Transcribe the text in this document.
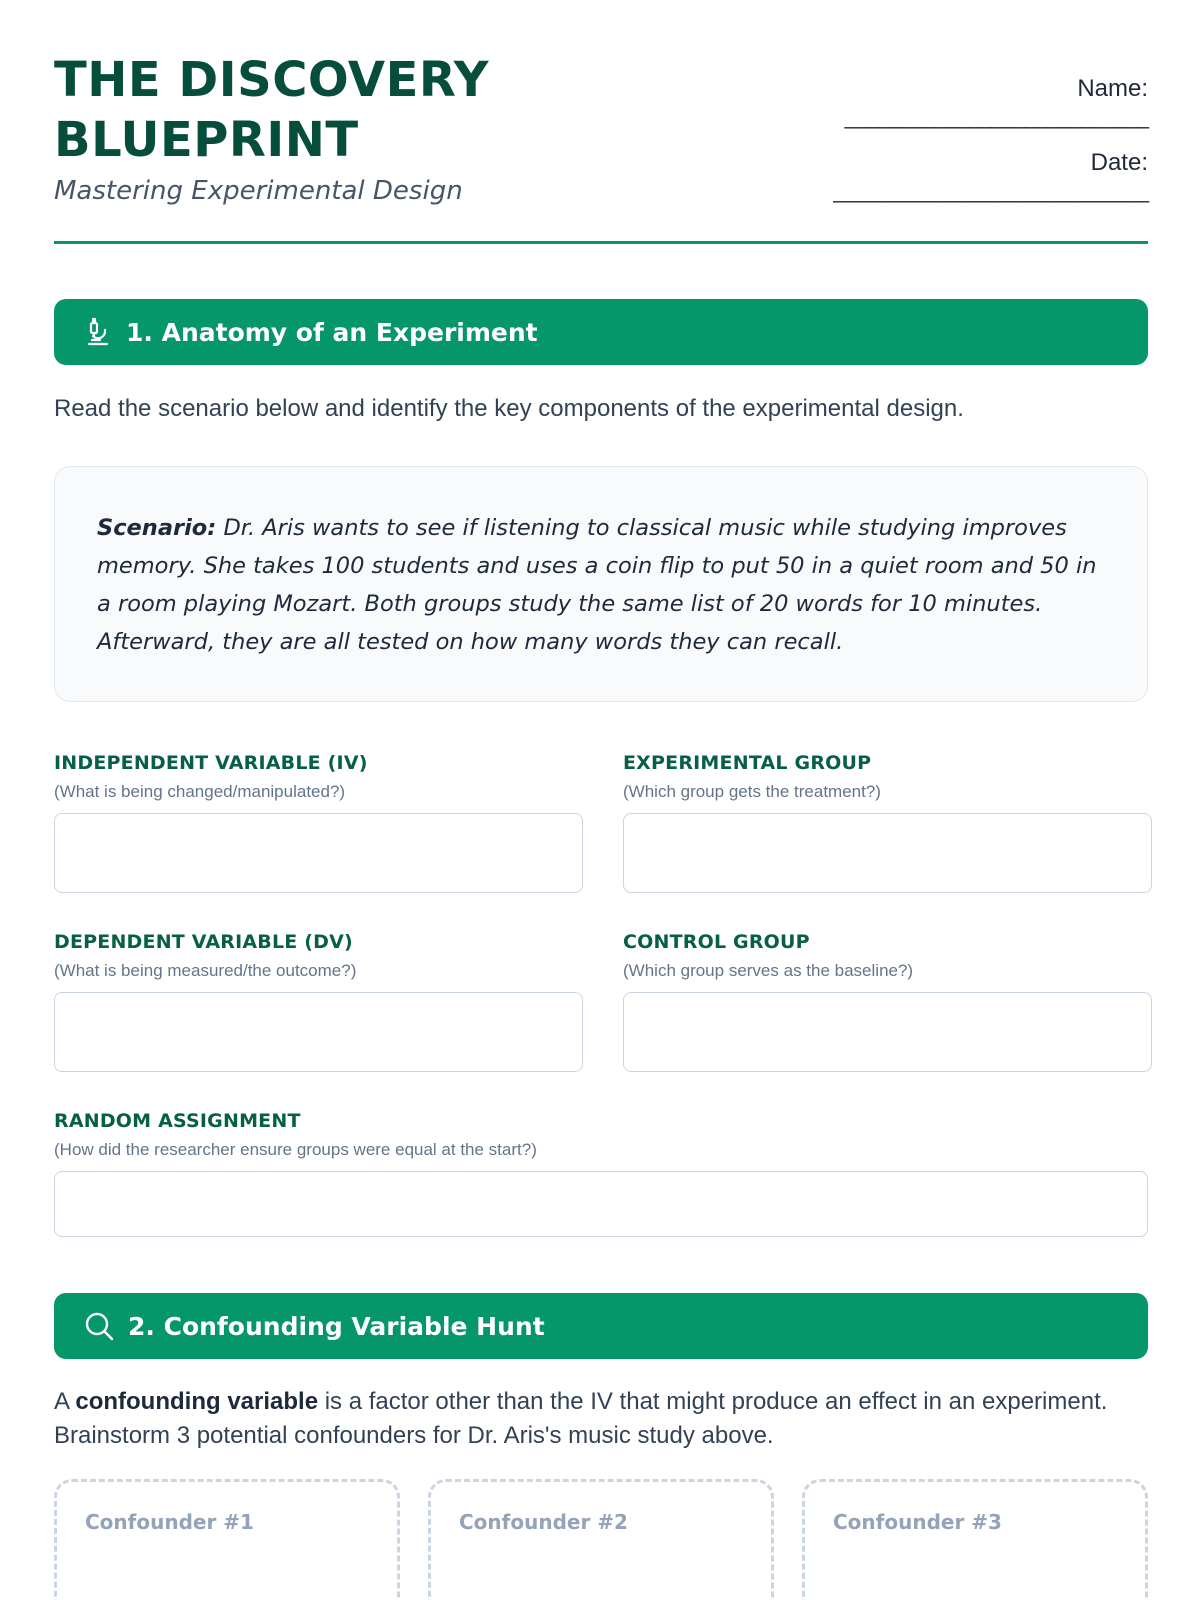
THE DISCOVERY
BLUEPRINT
Mastering Experimental Design
Name:
___________________________
Date:
____________________________
1. Anatomy of an Experiment
Read the scenario below and identify the key components of the experimental design.
Scenario: Dr. Aris wants to see if listening to classical music while studying improves memory. She takes 100 students and uses a coin flip to put 50 in a quiet room and 50 in a room playing Mozart. Both groups study the same list of 20 words for 10 minutes. Afterward, they are all tested on how many words they can recall.
INDEPENDENT VARIABLE (IV)
(What is being changed/manipulated?)
EXPERIMENTAL GROUP
(Which group gets the treatment?)
DEPENDENT VARIABLE (DV)
(What is being measured/the outcome?)
CONTROL GROUP
(Which group serves as the baseline?)
RANDOM ASSIGNMENT
(How did the researcher ensure groups were equal at the start?)
2. Confounding Variable Hunt
A confounding variable is a factor other than the IV that might produce an effect in an experiment. Brainstorm 3 potential confounders for Dr. Aris's music study above.
Confounder #1	Confounder #2	Confounder #3
